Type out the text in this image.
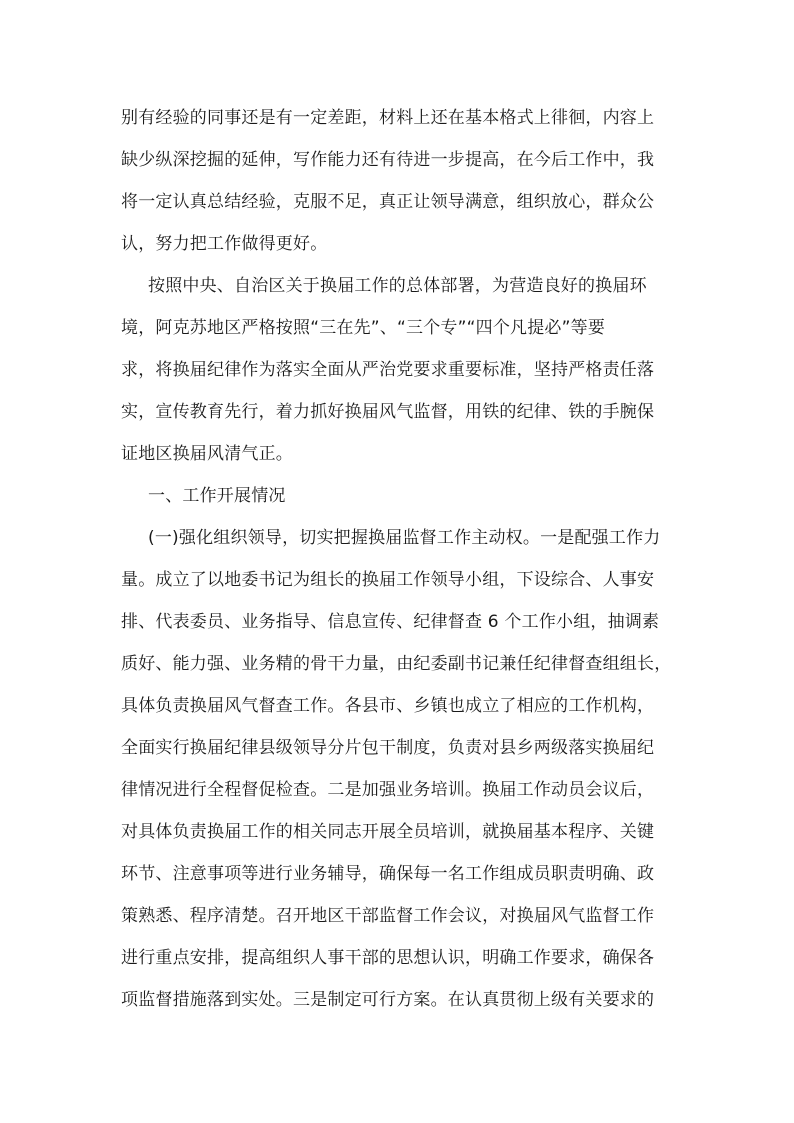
别有经验的同事还是有一定差距，材料上还在基本格式上徘徊，内容上
缺少纵深挖掘的延伸，写作能力还有待进一步提高，在今后工作中，我
将一定认真总结经验，克服不足，真正让领导满意，组织放心，群众公
认，努力把工作做得更好。
按照中央、自治区关于换届工作的总体部署，为营造良好的换届环
境，阿克苏地区严格按照“三在先”、“三个专”“四个凡提必”等要
求，将换届纪律作为落实全面从严治党要求重要标准，坚持严格责任落
实，宣传教育先行，着力抓好换届风气监督，用铁的纪律、铁的手腕保
证地区换届风清气正。
一、工作开展情况
(一)强化组织领导，切实把握换届监督工作主动权。一是配强工作力
量。成立了以地委书记为组长的换届工作领导小组，下设综合、人事安
排、代表委员、业务指导、信息宣传、纪律督查 6 个工作小组，抽调素
质好、能力强、业务精的骨干力量，由纪委副书记兼任纪律督查组组长，
具体负责换届风气督查工作。各县市、乡镇也成立了相应的工作机构，
全面实行换届纪律县级领导分片包干制度，负责对县乡两级落实换届纪
律情况进行全程督促检查。二是加强业务培训。换届工作动员会议后，
对具体负责换届工作的相关同志开展全员培训，就换届基本程序、关键
环节、注意事项等进行业务辅导，确保每一名工作组成员职责明确、政
策熟悉、程序清楚。召开地区干部监督工作会议，对换届风气监督工作
进行重点安排，提高组织人事干部的思想认识，明确工作要求，确保各
项监督措施落到实处。三是制定可行方案。在认真贯彻上级有关要求的
